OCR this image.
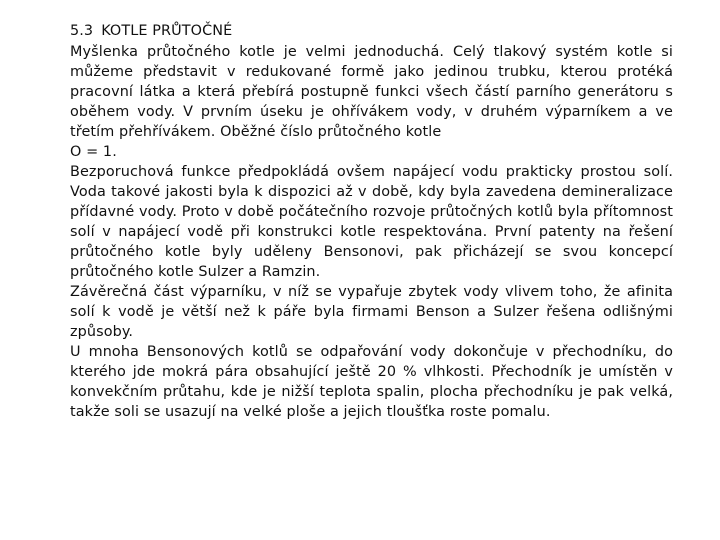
5.3 KOTLE PRŮTOČNÉ

Myšlenka průtočného kotle je velmi jednoduchá. Celý tlakový systém kotle si můžeme představit v redukované formě jako jedinou trubku, kterou protéká pracovní látka a která přebírá postupně funkci všech částí parního generátoru s oběhem vody. V prvním úseku je ohřívákem vody, v druhém výparníkem a ve třetím přehřívákem. Oběžné číslo průtočného kotle

O = 1.

Bezporuchová funkce předpokládá ovšem napájecí vodu prakticky prostou solí. Voda takové jakosti byla k dispozici až v době, kdy byla zavedena demineralizace přídavné vody. Proto v době počátečního rozvoje průtočných kotlů byla přítomnost solí v napájecí vodě při konstrukci kotle respektována. První patenty na řešení průtočného kotle byly uděleny Bensonovi, pak přicházejí se svou koncepcí průtočného kotle Sulzer a Ramzin.

Závěrečná část výparníku, v níž se vypařuje zbytek vody vlivem toho, že afinita solí k vodě je větší než k páře byla firmami Benson a Sulzer řešena odlišnými způsoby.

U mnoha Bensonových kotlů se odpařování vody dokončuje v přechodníku, do kterého jde mokrá pára obsahující ještě 20 % vlhkosti. Přechodník je umístěn v konvekčním průtahu, kde je nižší teplota spalin, plocha přechodníku je pak velká, takže soli se usazují na velké ploše a jejich tloušťka roste pomalu.
